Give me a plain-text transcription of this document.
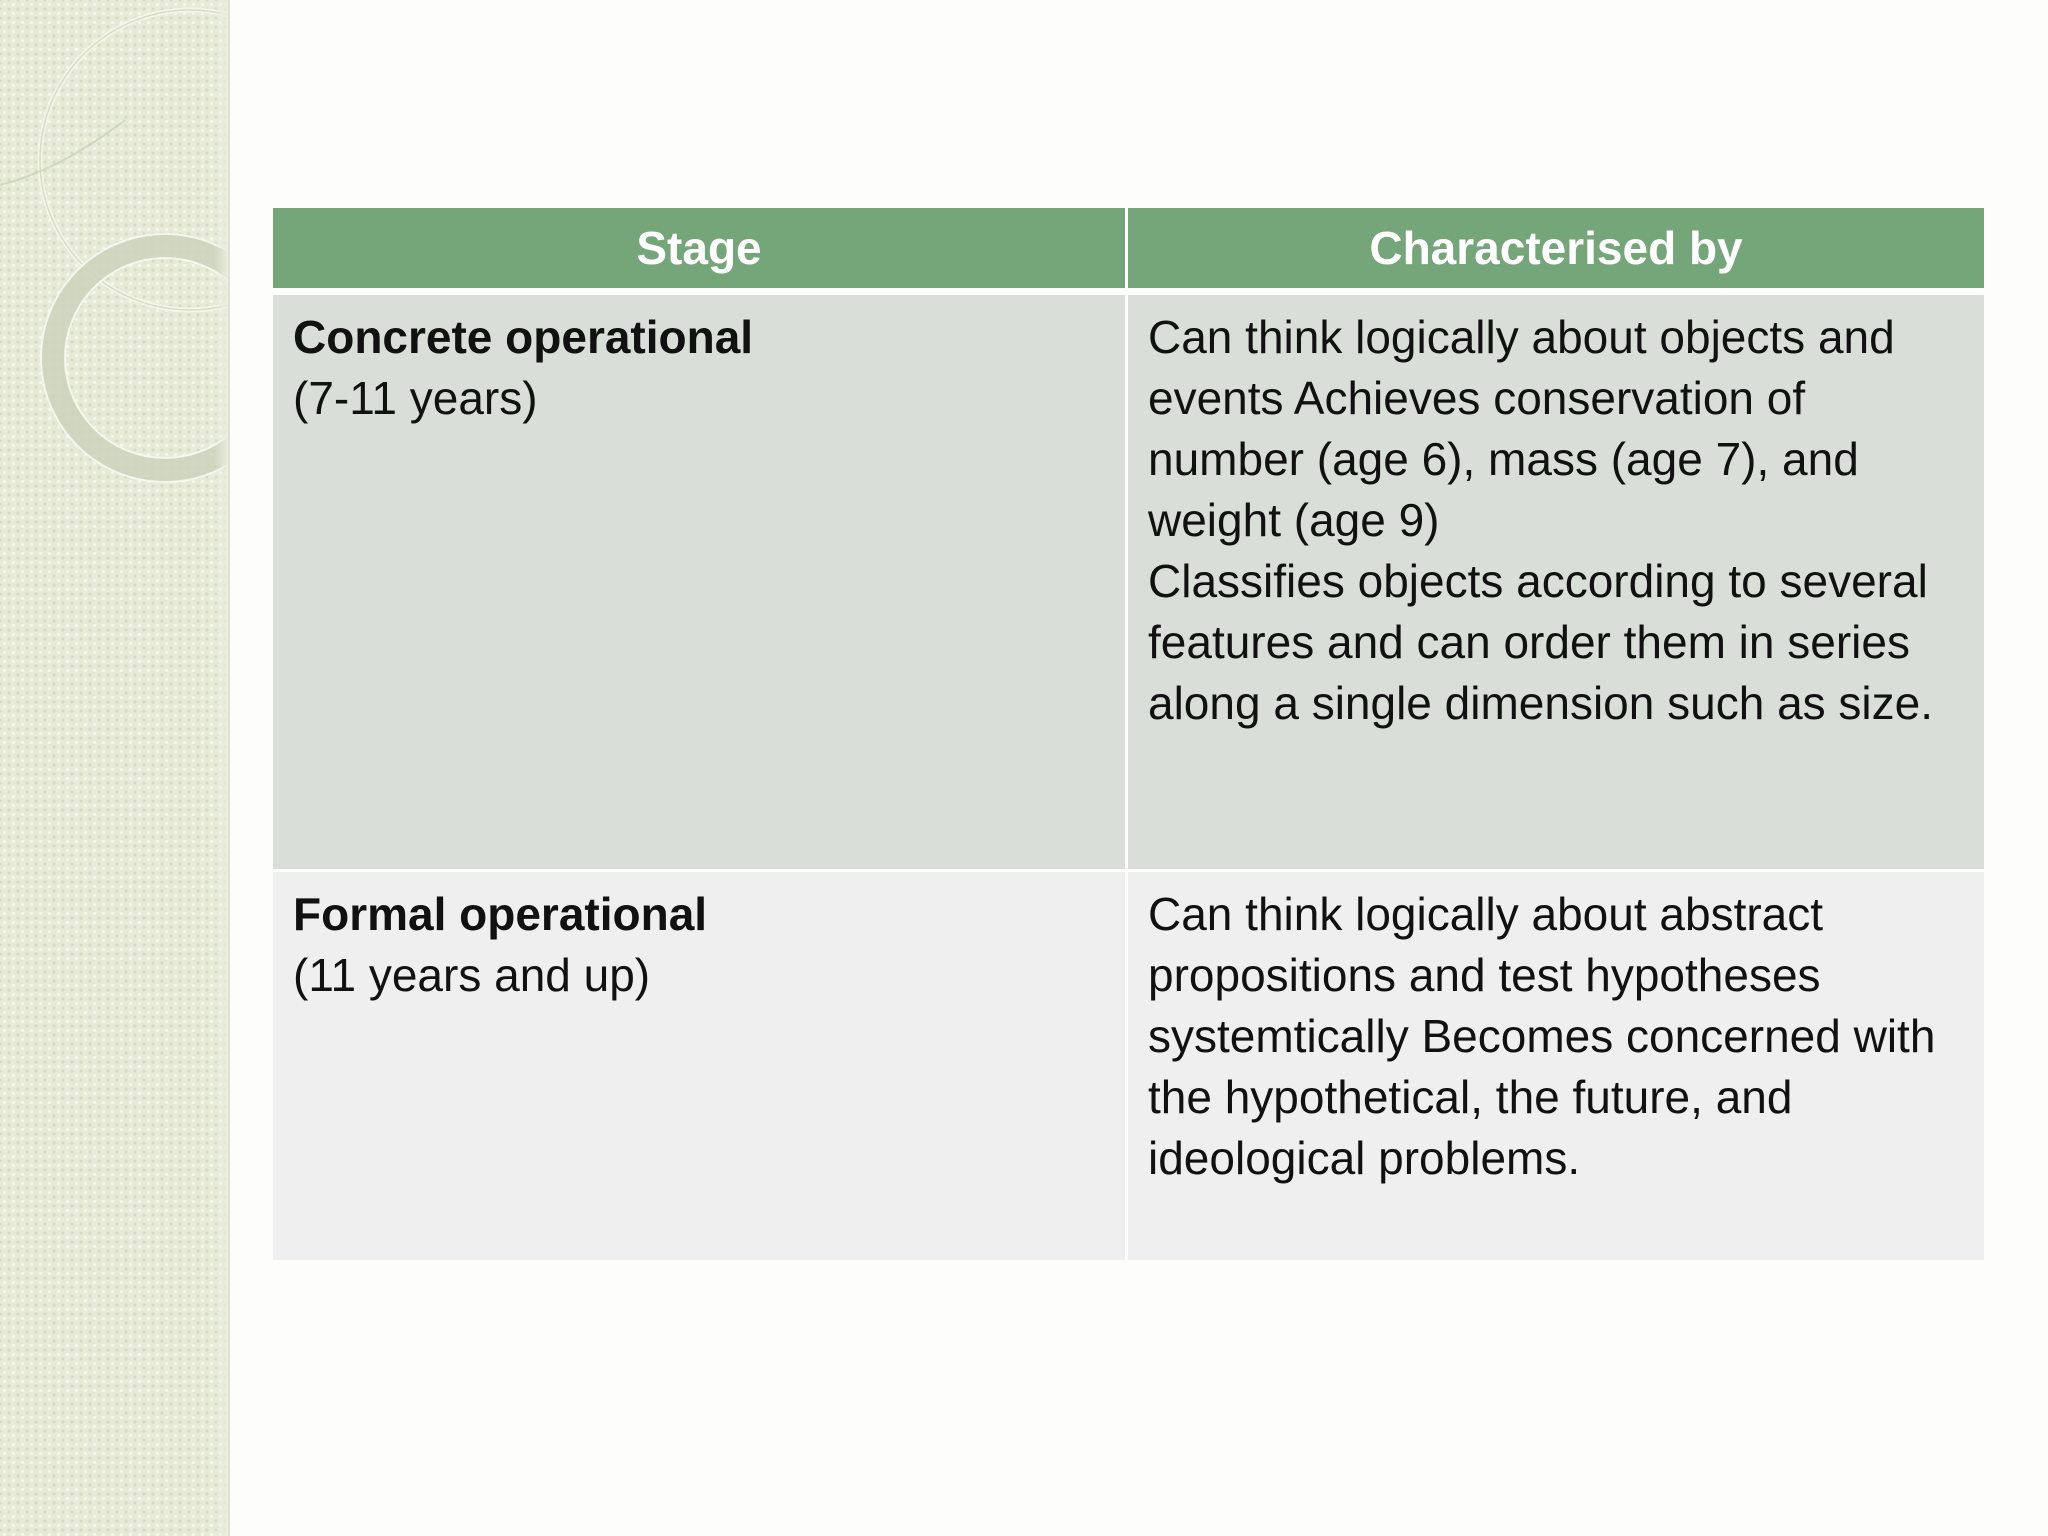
Stage	Characterised by

Concrete operational
(7-11 years)	Can think logically about objects and events Achieves conservation of number (age 6), mass (age 7), and weight (age 9)
Classifies objects according to several features and can order them in series along a single dimension such as size.

Formal operational
(11 years and up)	Can think logically about abstract propositions and test hypotheses systemtically Becomes concerned with the hypothetical, the future, and ideological problems.
